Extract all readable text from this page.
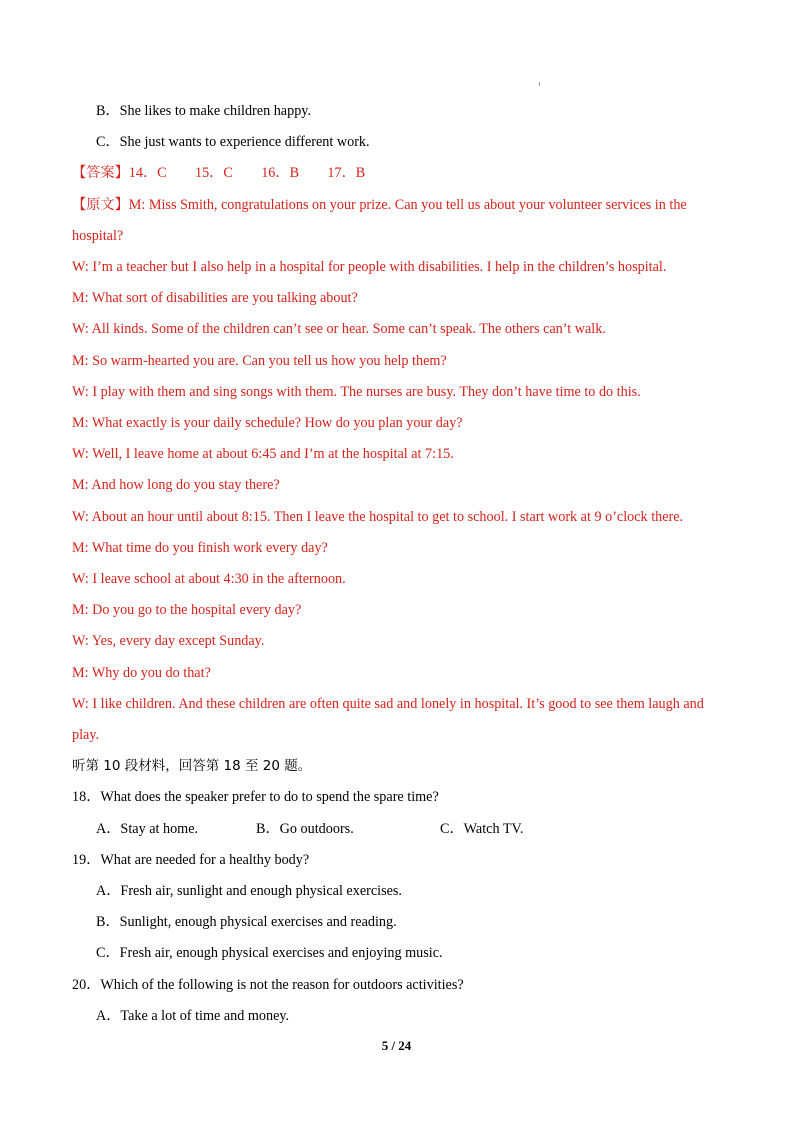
B．She likes to make children happy.
C．She just wants to experience different work.
【答案】14．C　　15．C　　16．B　　17．B
【原文】M: Miss Smith, congratulations on your prize. Can you tell us about your volunteer services in the
hospital?
W: I’m a teacher but I also help in a hospital for people with disabilities. I help in the children’s hospital.
M: What sort of disabilities are you talking about?
W: All kinds. Some of the children can’t see or hear. Some can’t speak. The others can’t walk.
M: So warm-hearted you are. Can you tell us how you help them?
W: I play with them and sing songs with them. The nurses are busy. They don’t have time to do this.
M: What exactly is your daily schedule? How do you plan your day?
W: Well, I leave home at about 6:45 and I’m at the hospital at 7:15.
M: And how long do you stay there?
W: About an hour until about 8:15. Then I leave the hospital to get to school. I start work at 9 o’clock there.
M: What time do you finish work every day?
W: I leave school at about 4:30 in the afternoon.
M: Do you go to the hospital every day?
W: Yes, every day except Sunday.
M: Why do you do that?
W: I like children. And these children are often quite sad and lonely in hospital. It’s good to see them laugh and
play.
听第 10 段材料，回答第 18 至 20 题。
18．What does the speaker prefer to do to spend the spare time?
A．Stay at home.	B．Go outdoors.	C．Watch TV.
19．What are needed for a healthy body?
A．Fresh air, sunlight and enough physical exercises.
B．Sunlight, enough physical exercises and reading.
C．Fresh air, enough physical exercises and enjoying music.
20．Which of the following is not the reason for outdoors activities?
A．Take a lot of time and money.
5 / 24
